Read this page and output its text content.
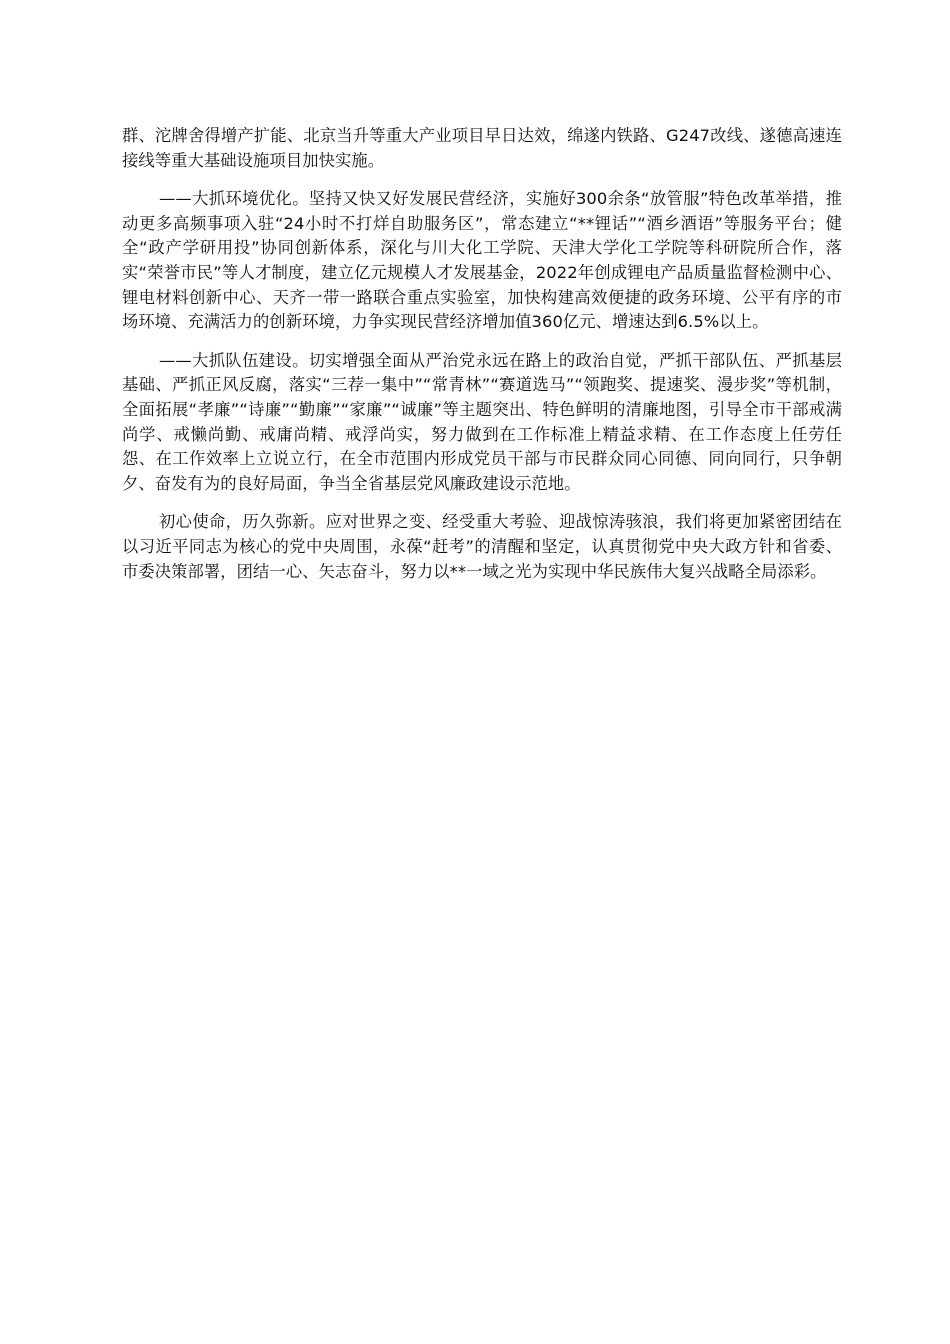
群、沱牌舍得增产扩能、北京当升等重大产业项目早日达效，绵遂内铁路、G247改线、遂德高速连接线等重大基础设施项目加快实施。

——大抓环境优化。坚持又快又好发展民营经济，实施好300余条“放管服”特色改革举措，推动更多高频事项入驻“24小时不打烊自助服务区”，常态建立“**锂话”“酒乡酒语”等服务平台；健全“政产学研用投”协同创新体系，深化与川大化工学院、天津大学化工学院等科研院所合作，落实“荣誉市民”等人才制度，建立亿元规模人才发展基金，2022年创成锂电产品质量监督检测中心、锂电材料创新中心、天齐一带一路联合重点实验室，加快构建高效便捷的政务环境、公平有序的市场环境、充满活力的创新环境，力争实现民营经济增加值360亿元、增速达到6.5%以上。

——大抓队伍建设。切实增强全面从严治党永远在路上的政治自觉，严抓干部队伍、严抓基层基础、严抓正风反腐，落实“三荐一集中”“常青林”“赛道选马”“领跑奖、提速奖、漫步奖”等机制，全面拓展“孝廉”“诗廉”“勤廉”“家廉”“诚廉”等主题突出、特色鲜明的清廉地图，引导全市干部戒满尚学、戒懒尚勤、戒庸尚精、戒浮尚实，努力做到在工作标准上精益求精、在工作态度上任劳任怨、在工作效率上立说立行，在全市范围内形成党员干部与市民群众同心同德、同向同行，只争朝夕、奋发有为的良好局面，争当全省基层党风廉政建设示范地。

初心使命，历久弥新。应对世界之变、经受重大考验、迎战惊涛骇浪，我们将更加紧密团结在以习近平同志为核心的党中央周围，永葆“赶考”的清醒和坚定，认真贯彻党中央大政方针和省委、市委决策部署，团结一心、矢志奋斗，努力以**一域之光为实现中华民族伟大复兴战略全局添彩。
